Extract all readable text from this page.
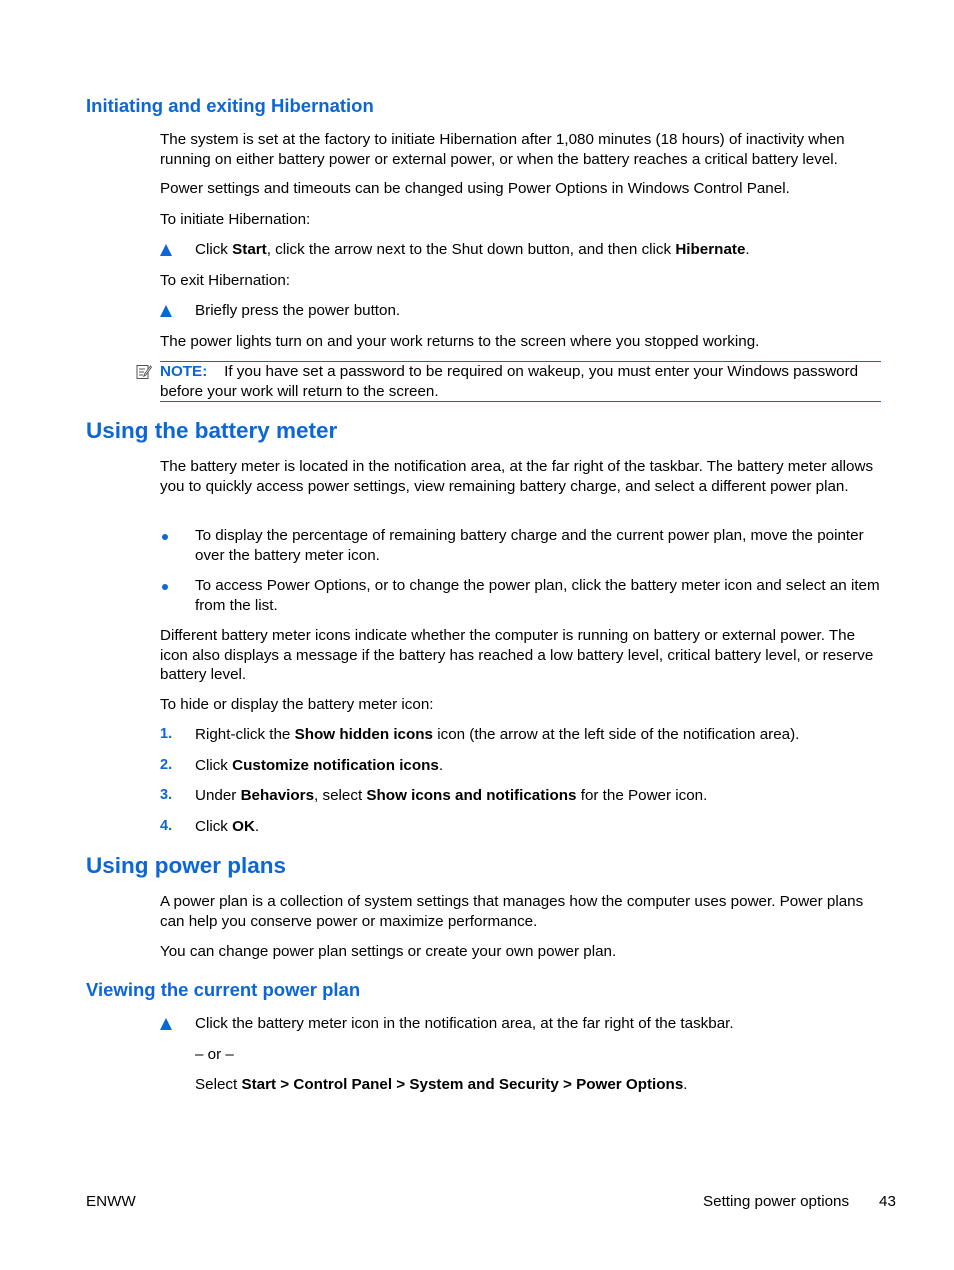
Initiating and exiting Hibernation

The system is set at the factory to initiate Hibernation after 1,080 minutes (18 hours) of inactivity when running on either battery power or external power, or when the battery reaches a critical battery level.

Power settings and timeouts can be changed using Power Options in Windows Control Panel.

To initiate Hibernation:

Click Start, click the arrow next to the Shut down button, and then click Hibernate.

To exit Hibernation:

Briefly press the power button.

The power lights turn on and your work returns to the screen where you stopped working.

NOTE: If you have set a password to be required on wakeup, you must enter your Windows password before your work will return to the screen.
Using the battery meter

The battery meter is located in the notification area, at the far right of the taskbar. The battery meter allows you to quickly access power settings, view remaining battery charge, and select a different power plan.

To display the percentage of remaining battery charge and the current power plan, move the pointer over the battery meter icon.
To access Power Options, or to change the power plan, click the battery meter icon and select an item from the list.

Different battery meter icons indicate whether the computer is running on battery or external power. The icon also displays a message if the battery has reached a low battery level, critical battery level, or reserve battery level.

To hide or display the battery meter icon:

1.	Right-click the Show hidden icons icon (the arrow at the left side of the notification area).
2.	Click Customize notification icons.
3.	Under Behaviors, select Show icons and notifications for the Power icon.
4.	Click OK.
Using power plans

A power plan is a collection of system settings that manages how the computer uses power. Power plans can help you conserve power or maximize performance.

You can change power plan settings or create your own power plan.

Viewing the current power plan
Click the battery meter icon in the notification area, at the far right of the taskbar.
– or –
Select Start > Control Panel > System and Security > Power Options.
ENWW	Setting power options 43
